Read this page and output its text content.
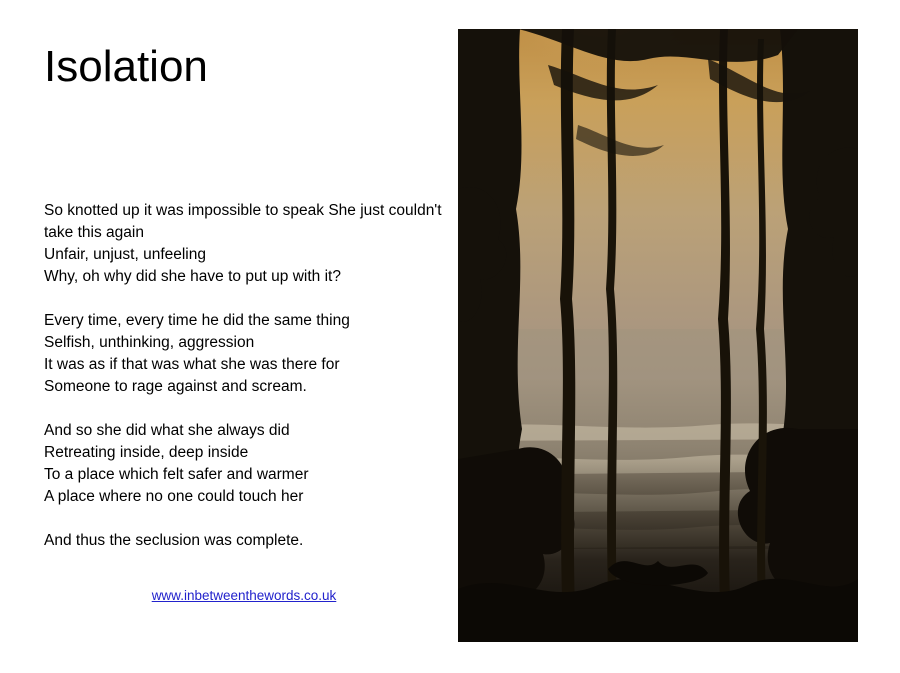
Isolation
So knotted up it was impossible to speak She just couldn't take this again
Unfair, unjust, unfeeling
Why, oh why did she have to put up with it?
Every time, every time he did the same thing
Selfish, unthinking, aggression
It was as if that was what she was there for
Someone to rage against and scream.
And so she did what she always did
Retreating inside, deep inside
To a place which felt safer and warmer
A place where no one could touch her
And thus the seclusion was complete.
www.inbetweenthewords.co.uk
